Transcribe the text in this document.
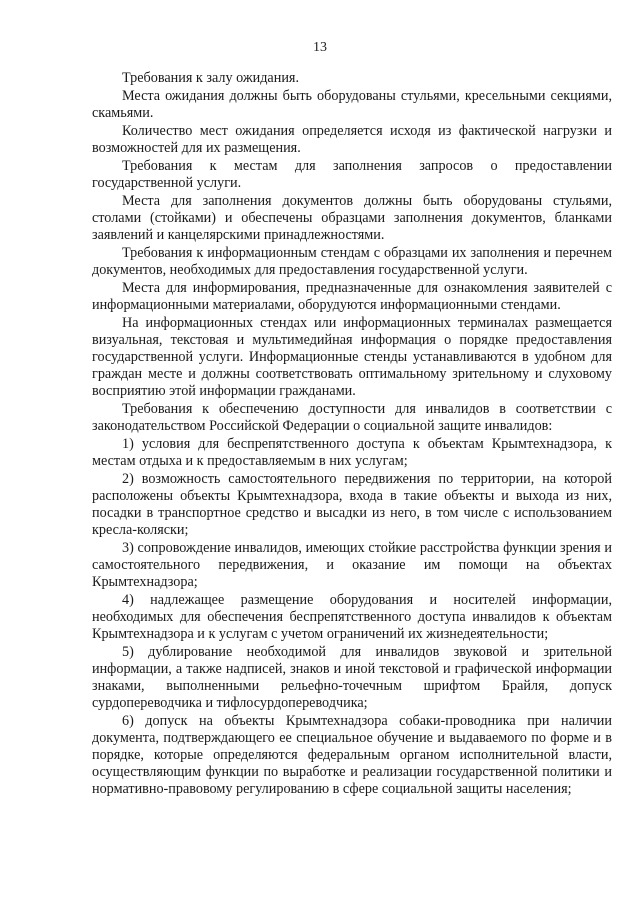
13

Требования к залу ожидания.

Места ожидания должны быть оборудованы стульями, кресельными секциями, скамьями.

Количество мест ожидания определяется исходя из фактической нагрузки и возможностей для их размещения.

Требования к местам для заполнения запросов о предоставлении государственной услуги.

Места для заполнения документов должны быть оборудованы стульями, столами (стойками) и обеспечены образцами заполнения документов, бланками заявлений и канцелярскими принадлежностями.

Требования к информационным стендам с образцами их заполнения и перечнем документов, необходимых для предоставления государственной услуги.

Места для информирования, предназначенные для ознакомления заявителей с информационными материалами, оборудуются информационными стендами.

На информационных стендах или информационных терминалах размещается визуальная, текстовая и мультимедийная информация о порядке предоставления государственной услуги. Информационные стенды устанавливаются в удобном для граждан месте и должны соответствовать оптимальному зрительному и слуховому восприятию этой информации гражданами.

Требования к обеспечению доступности для инвалидов в соответствии с законодательством Российской Федерации о социальной защите инвалидов:

1) условия для беспрепятственного доступа к объектам Крымтехнадзора, к местам отдыха и к предоставляемым в них услугам;

2) возможность самостоятельного передвижения по территории, на которой расположены объекты Крымтехнадзора, входа в такие объекты и выхода из них, посадки в транспортное средство и высадки из него, в том числе с использованием кресла-коляски;

3) сопровождение инвалидов, имеющих стойкие расстройства функции зрения и самостоятельного передвижения, и оказание им помощи на объектах Крымтехнадзора;

4) надлежащее размещение оборудования и носителей информации, необходимых для обеспечения беспрепятственного доступа инвалидов к объектам Крымтехнадзора и к услугам с учетом ограничений их жизнедеятельности;

5) дублирование необходимой для инвалидов звуковой и зрительной информации, а также надписей, знаков и иной текстовой и графической информации знаками, выполненными рельефно-точечным шрифтом Брайля, допуск сурдопереводчика и тифлосурдопереводчика;

6) допуск на объекты Крымтехнадзора собаки-проводника при наличии документа, подтверждающего ее специальное обучение и выдаваемого по форме и в порядке, которые определяются федеральным органом исполнительной власти, осуществляющим функции по выработке и реализации государственной политики и нормативно-правовому регулированию в сфере социальной защиты населения;
